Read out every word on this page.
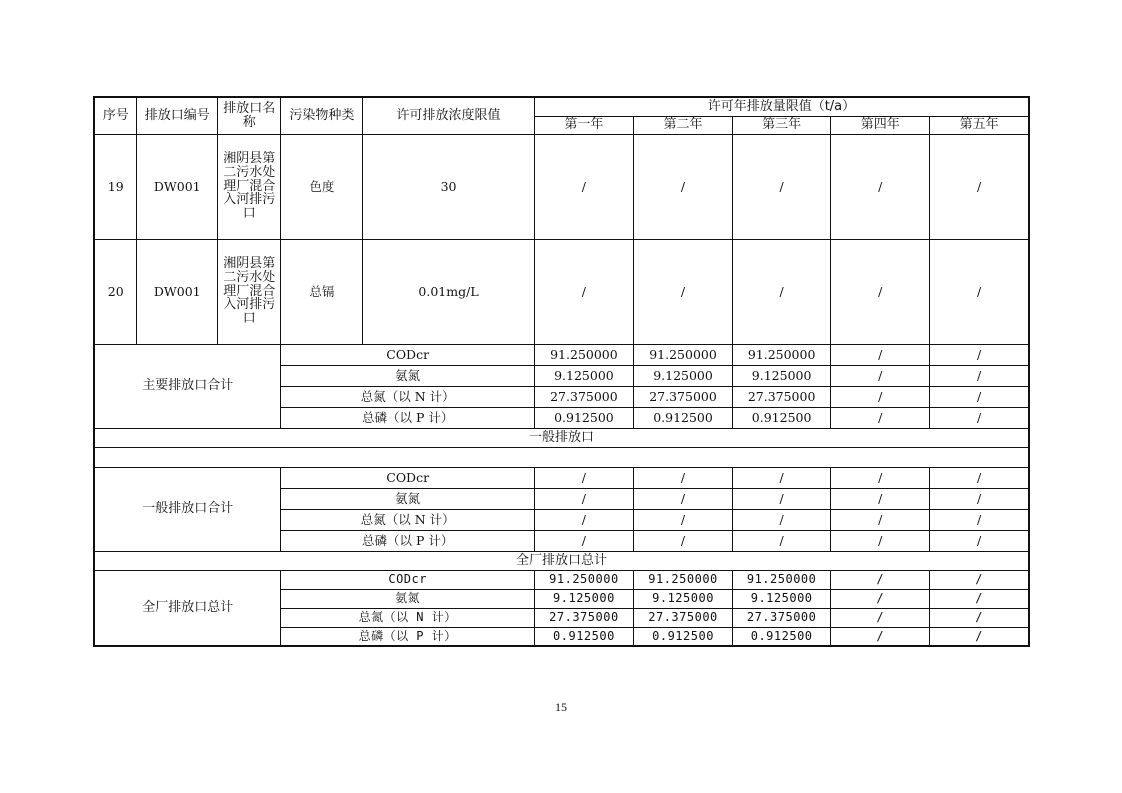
序号	排放口编号	排放口名称	污染物种类	许可排放浓度限值	许可年排放量限值（t/a）				
					第一年	第二年	第三年	第四年	第五年
19	DW001	湘阴县第
二污水处
理厂混合
入河排污
口	色度	30	/	/	/	/	/
20	DW001	湘阴县第
二污水处
理厂混合
入河排污
口	总镉	0.01mg/L	/	/	/	/	/
主要排放口合计			CODcr		91.250000	91.250000	91.250000	/	/
			氨氮		9.125000	9.125000	9.125000	/	/
			总氮（以 N 计）		27.375000	27.375000	27.375000	/	/
			总磷（以 P 计）		0.912500	0.912500	0.912500	/	/
一般排放口									

一般排放口合计			CODcr		/	/	/	/	/
			氨氮		/	/	/	/	/
			总氮（以 N 计）		/	/	/	/	/
			总磷（以 P 计）		/	/	/	/	/
全厂排放口总计									
全厂排放口总计			CODcr		91.250000	91.250000	91.250000	/	/
			氨氮		9.125000	9.125000	9.125000	/	/
			总氮（以 N 计）		27.375000	27.375000	27.375000	/	/
			总磷（以 P 计）		0.912500	0.912500	0.912500	/	/
15
